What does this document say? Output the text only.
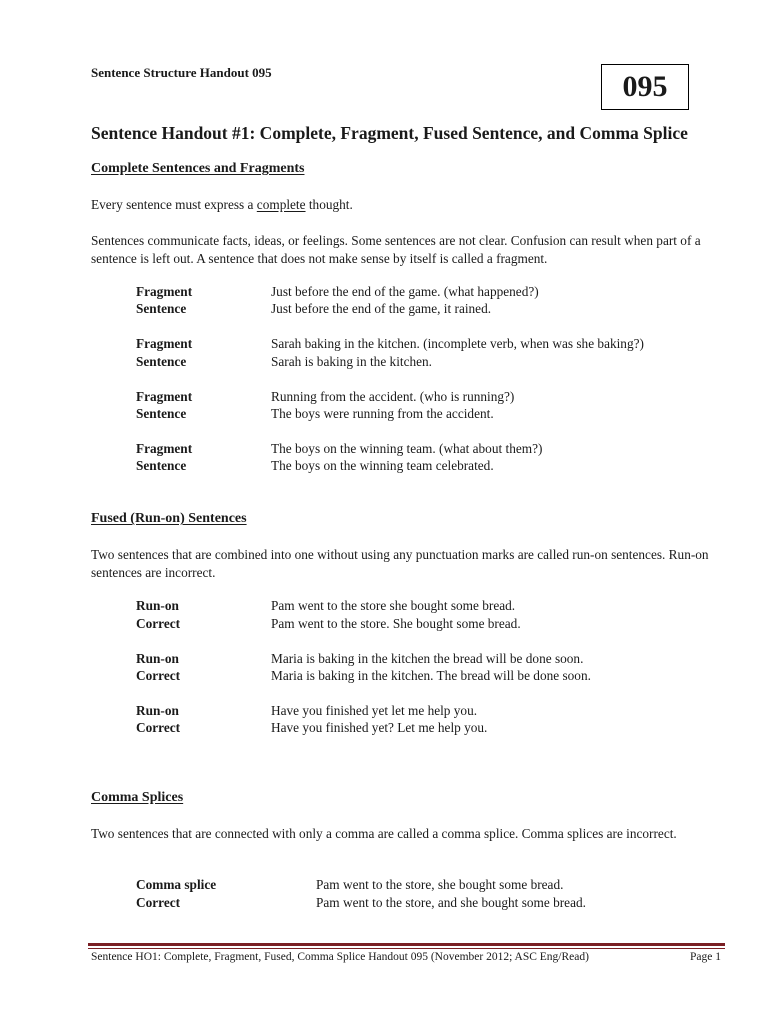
Sentence Structure Handout 095	095
Sentence Handout #1: Complete, Fragment, Fused Sentence, and Comma Splice
Complete Sentences and Fragments
Every sentence must express a complete thought.
Sentences communicate facts, ideas, or feelings. Some sentences are not clear. Confusion can result when part of a sentence is left out. A sentence that does not make sense by itself is called a fragment.
Fragment	Just before the end of the game. (what happened?)
Sentence	Just before the end of the game, it rained.
Fragment	Sarah baking in the kitchen. (incomplete verb, when was she baking?)
Sentence	Sarah is baking in the kitchen.
Fragment	Running from the accident. (who is running?)
Sentence	The boys were running from the accident.
Fragment	The boys on the winning team. (what about them?)
Sentence	The boys on the winning team celebrated.
Fused (Run-on) Sentences
Two sentences that are combined into one without using any punctuation marks are called run-on sentences. Run-on sentences are incorrect.
Run-on	Pam went to the store she bought some bread.
Correct	Pam went to the store. She bought some bread.
Run-on	Maria is baking in the kitchen the bread will be done soon.
Correct	Maria is baking in the kitchen. The bread will be done soon.
Run-on	Have you finished yet let me help you.
Correct	Have you finished yet? Let me help you.
Comma Splices
Two sentences that are connected with only a comma are called a comma splice. Comma splices are incorrect.
Comma splice	Pam went to the store, she bought some bread.
Correct	Pam went to the store, and she bought some bread.
Sentence HO1: Complete, Fragment, Fused, Comma Splice Handout 095 (November 2012; ASC Eng/Read)	Page 1
